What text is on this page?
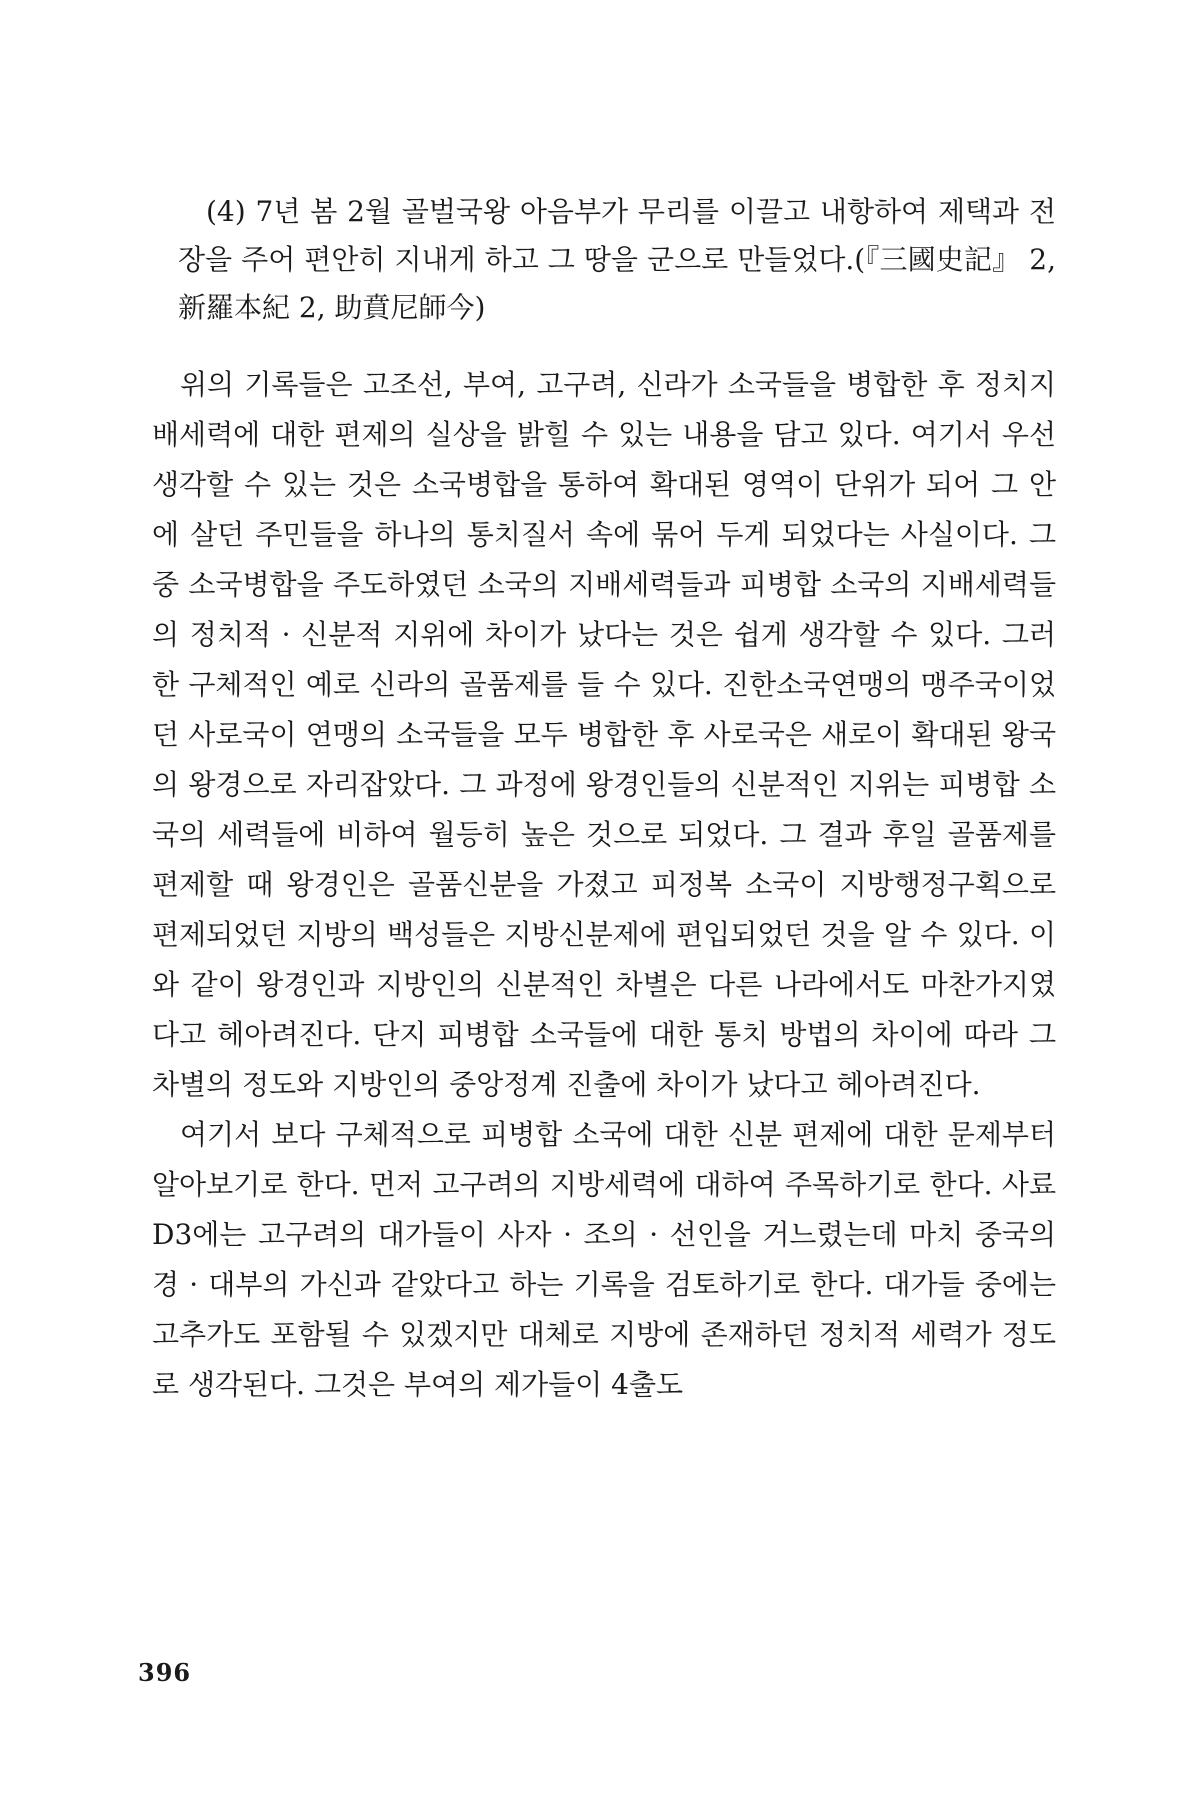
(4) 7년 봄 2월 골벌국왕 아음부가 무리를 이끌고 내항하여 제택과 전장을 주어 편안히 지내게 하고 그 땅을 군으로 만들었다.(『三國史記』 2, 新羅本紀 2, 助賁尼師今)

위의 기록들은 고조선, 부여, 고구려, 신라가 소국들을 병합한 후 정치지배세력에 대한 편제의 실상을 밝힐 수 있는 내용을 담고 있다. 여기서 우선 생각할 수 있는 것은 소국병합을 통하여 확대된 영역이 단위가 되어 그 안에 살던 주민들을 하나의 통치질서 속에 묶어 두게 되었다는 사실이다. 그 중 소국병합을 주도하였던 소국의 지배세력들과 피병합 소국의 지배세력들의 정치적 · 신분적 지위에 차이가 났다는 것은 쉽게 생각할 수 있다. 그러한 구체적인 예로 신라의 골품제를 들 수 있다. 진한소국연맹의 맹주국이었던 사로국이 연맹의 소국들을 모두 병합한 후 사로국은 새로이 확대된 왕국의 왕경으로 자리잡았다. 그 과정에 왕경인들의 신분적인 지위는 피병합 소국의 세력들에 비하여 월등히 높은 것으로 되었다. 그 결과 후일 골품제를 편제할 때 왕경인은 골품신분을 가졌고 피정복 소국이 지방행정구획으로 편제되었던 지방의 백성들은 지방신분제에 편입되었던 것을 알 수 있다. 이와 같이 왕경인과 지방인의 신분적인 차별은 다른 나라에서도 마찬가지였다고 헤아려진다. 단지 피병합 소국들에 대한 통치 방법의 차이에 따라 그 차별의 정도와 지방인의 중앙정계 진출에 차이가 났다고 헤아려진다.

여기서 보다 구체적으로 피병합 소국에 대한 신분 편제에 대한 문제부터 알아보기로 한다. 먼저 고구려의 지방세력에 대하여 주목하기로 한다. 사료 D3에는 고구려의 대가들이 사자 · 조의 · 선인을 거느렸는데 마치 중국의 경 · 대부의 가신과 같았다고 하는 기록을 검토하기로 한다. 대가들 중에는 고추가도 포함될 수 있겠지만 대체로 지방에 존재하던 정치적 세력가 정도로 생각된다. 그것은 부여의 제가들이 4출도

396
